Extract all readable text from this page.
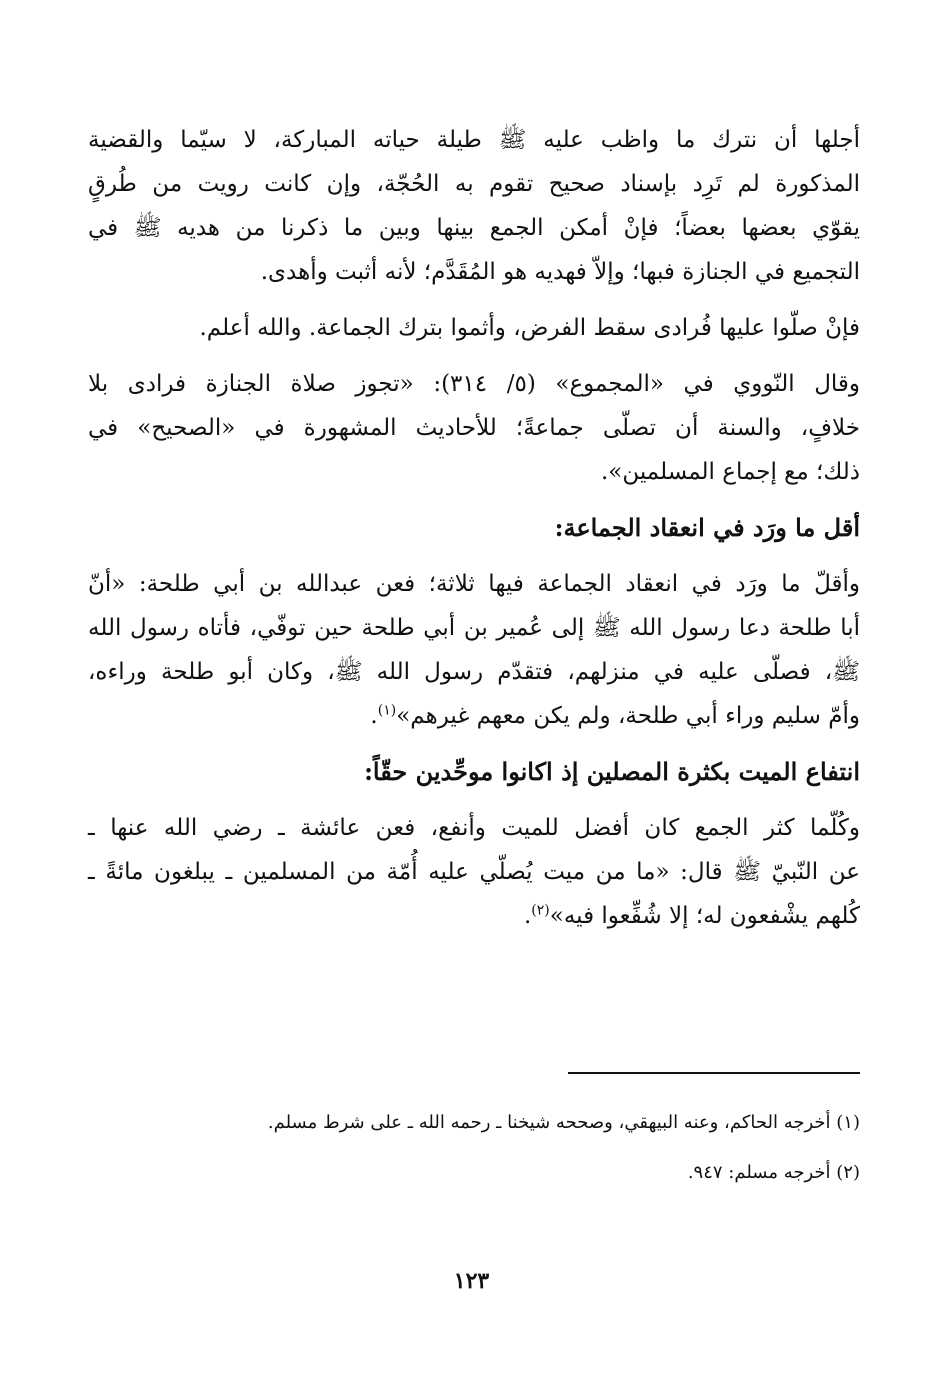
أجلها أن نترك ما واظب عليه ﷺ طيلة حياته المباركة، لا سيّما والقضية
المذكورة لم تَرِد بإسناد صحيح تقوم به الحُجّة، وإن كانت رويت من طُرقٍ
يقوّي بعضها بعضاً؛ فإنْ أمكن الجمع بينها وبين ما ذكرنا من هديه ﷺ في
التجميع في الجنازة فبها؛ وإلاّ فهديه هو المُقَدَّم؛ لأنه أثبت وأهدى.
فإنْ صلّوا عليها فُرادى سقط الفرض، وأثموا بترك الجماعة. والله أعلم.
وقال النّووي في «المجموع» (٥/ ٣١٤): «تجوز صلاة الجنازة فرادى بلا
خلافٍ، والسنة أن تصلّى جماعةً؛ للأحاديث المشهورة في «الصحيح» في
ذلك؛ مع إجماع المسلمين».
أقل ما ورَد في انعقاد الجماعة:
وأقلّ ما ورَد في انعقاد الجماعة فيها ثلاثة؛ فعن عبدالله بن أبي طلحة: «أنّ
أبا طلحة دعا رسول الله ﷺ إلى عُمير بن أبي طلحة حين توفّي، فأتاه رسول الله
ﷺ، فصلّى عليه في منزلهم، فتقدّم رسول الله ﷺ، وكان أبو طلحة وراءه،
وأمّ سليم وراء أبي طلحة، ولم يكن معهم غيرهم»$^{(١)}$.
انتفاع الميت بكثرة المصلين إذ اكانوا موحِّدين حقّاً:
وكُلّما كثر الجمع كان أفضل للميت وأنفع، فعن عائشة ـ رضي الله عنها ـ
عن النّبيّ ﷺ قال: «ما من ميت يُصلّي عليه أُمّة من المسلمين ـ يبلغون مائةً ـ
كُلهم يشْفعون له؛ إلا شُفِّعوا فيه»$^{(٢)}$.
(١) أخرجه الحاكم، وعنه البيهقي، وصححه شيخنا ـ رحمه الله ـ على شرط مسلم.
(٢) أخرجه مسلم: ٩٤٧.
١٢٣
